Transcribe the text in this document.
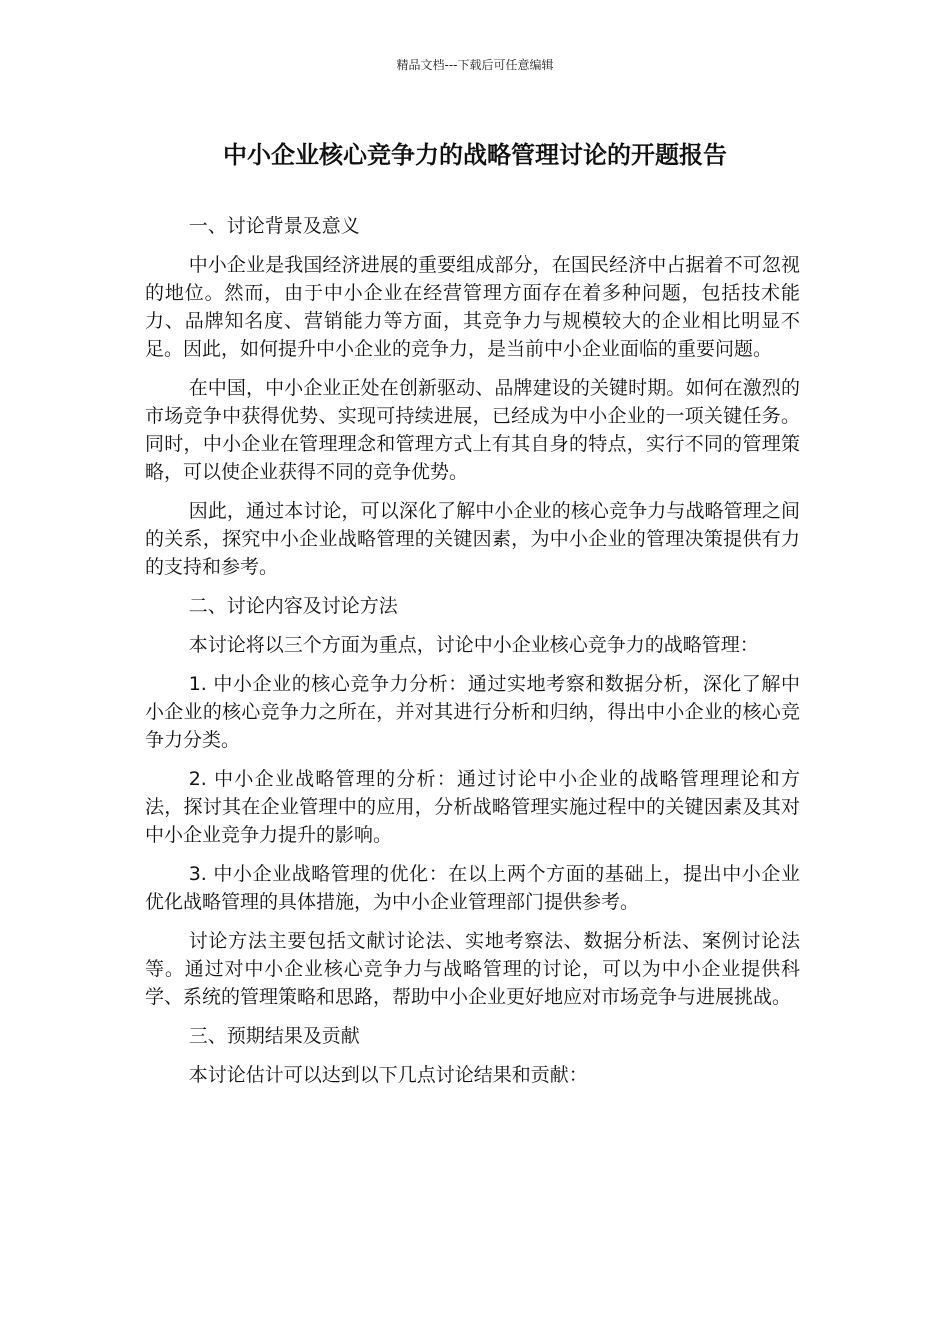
精品文档---下载后可任意编辑
中小企业核心竞争力的战略管理讨论的开题报告

一、讨论背景及意义

中小企业是我国经济进展的重要组成部分，在国民经济中占据着不可忽视的地位。然而，由于中小企业在经营管理方面存在着多种问题，包括技术能力、品牌知名度、营销能力等方面，其竞争力与规模较大的企业相比明显不足。因此，如何提升中小企业的竞争力，是当前中小企业面临的重要问题。

在中国，中小企业正处在创新驱动、品牌建设的关键时期。如何在激烈的市场竞争中获得优势、实现可持续进展，已经成为中小企业的一项关键任务。同时，中小企业在管理理念和管理方式上有其自身的特点，实行不同的管理策略，可以使企业获得不同的竞争优势。

因此，通过本讨论，可以深化了解中小企业的核心竞争力与战略管理之间的关系，探究中小企业战略管理的关键因素，为中小企业的管理决策提供有力的支持和参考。

二、讨论内容及讨论方法

本讨论将以三个方面为重点，讨论中小企业核心竞争力的战略管理：

1. 中小企业的核心竞争力分析：通过实地考察和数据分析，深化了解中小企业的核心竞争力之所在，并对其进行分析和归纳，得出中小企业的核心竞争力分类。

2. 中小企业战略管理的分析：通过讨论中小企业的战略管理理论和方法，探讨其在企业管理中的应用，分析战略管理实施过程中的关键因素及其对中小企业竞争力提升的影响。

3. 中小企业战略管理的优化：在以上两个方面的基础上，提出中小企业优化战略管理的具体措施，为中小企业管理部门提供参考。

讨论方法主要包括文献讨论法、实地考察法、数据分析法、案例讨论法等。通过对中小企业核心竞争力与战略管理的讨论，可以为中小企业提供科学、系统的管理策略和思路，帮助中小企业更好地应对市场竞争与进展挑战。

三、预期结果及贡献

本讨论估计可以达到以下几点讨论结果和贡献：
